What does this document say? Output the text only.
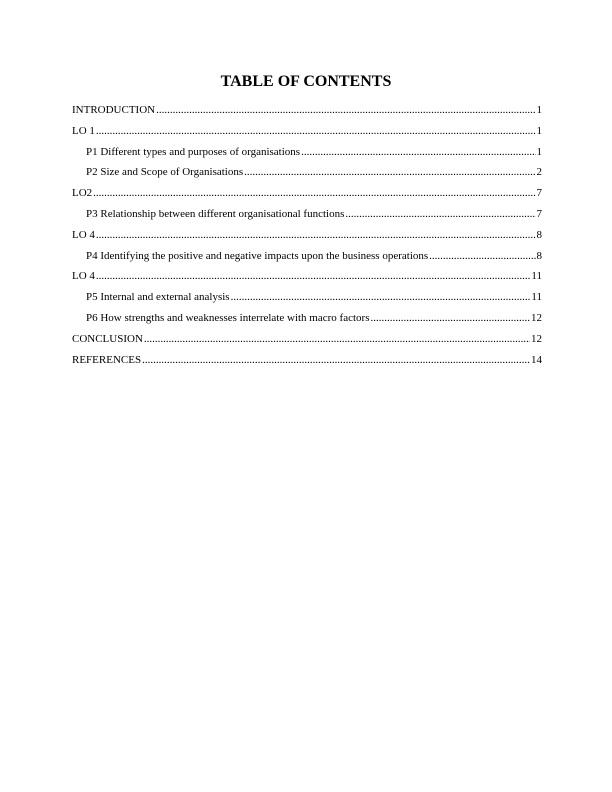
TABLE OF CONTENTS
INTRODUCTION .....	1
LO 1 .....	1
P1 Different types and purposes of organisations .....	1
P2 Size and Scope of Organisations .....	2
LO2 .....	7
P3 Relationship between different organisational functions .....	7
LO 4 .....	8
P4 Identifying the positive and negative impacts upon the business operations .....	8
LO 4 .....	11
P5 Internal and external analysis .....	11
P6 How strengths and weaknesses interrelate with macro factors .....	12
CONCLUSION .....	12
REFERENCES .....	14
